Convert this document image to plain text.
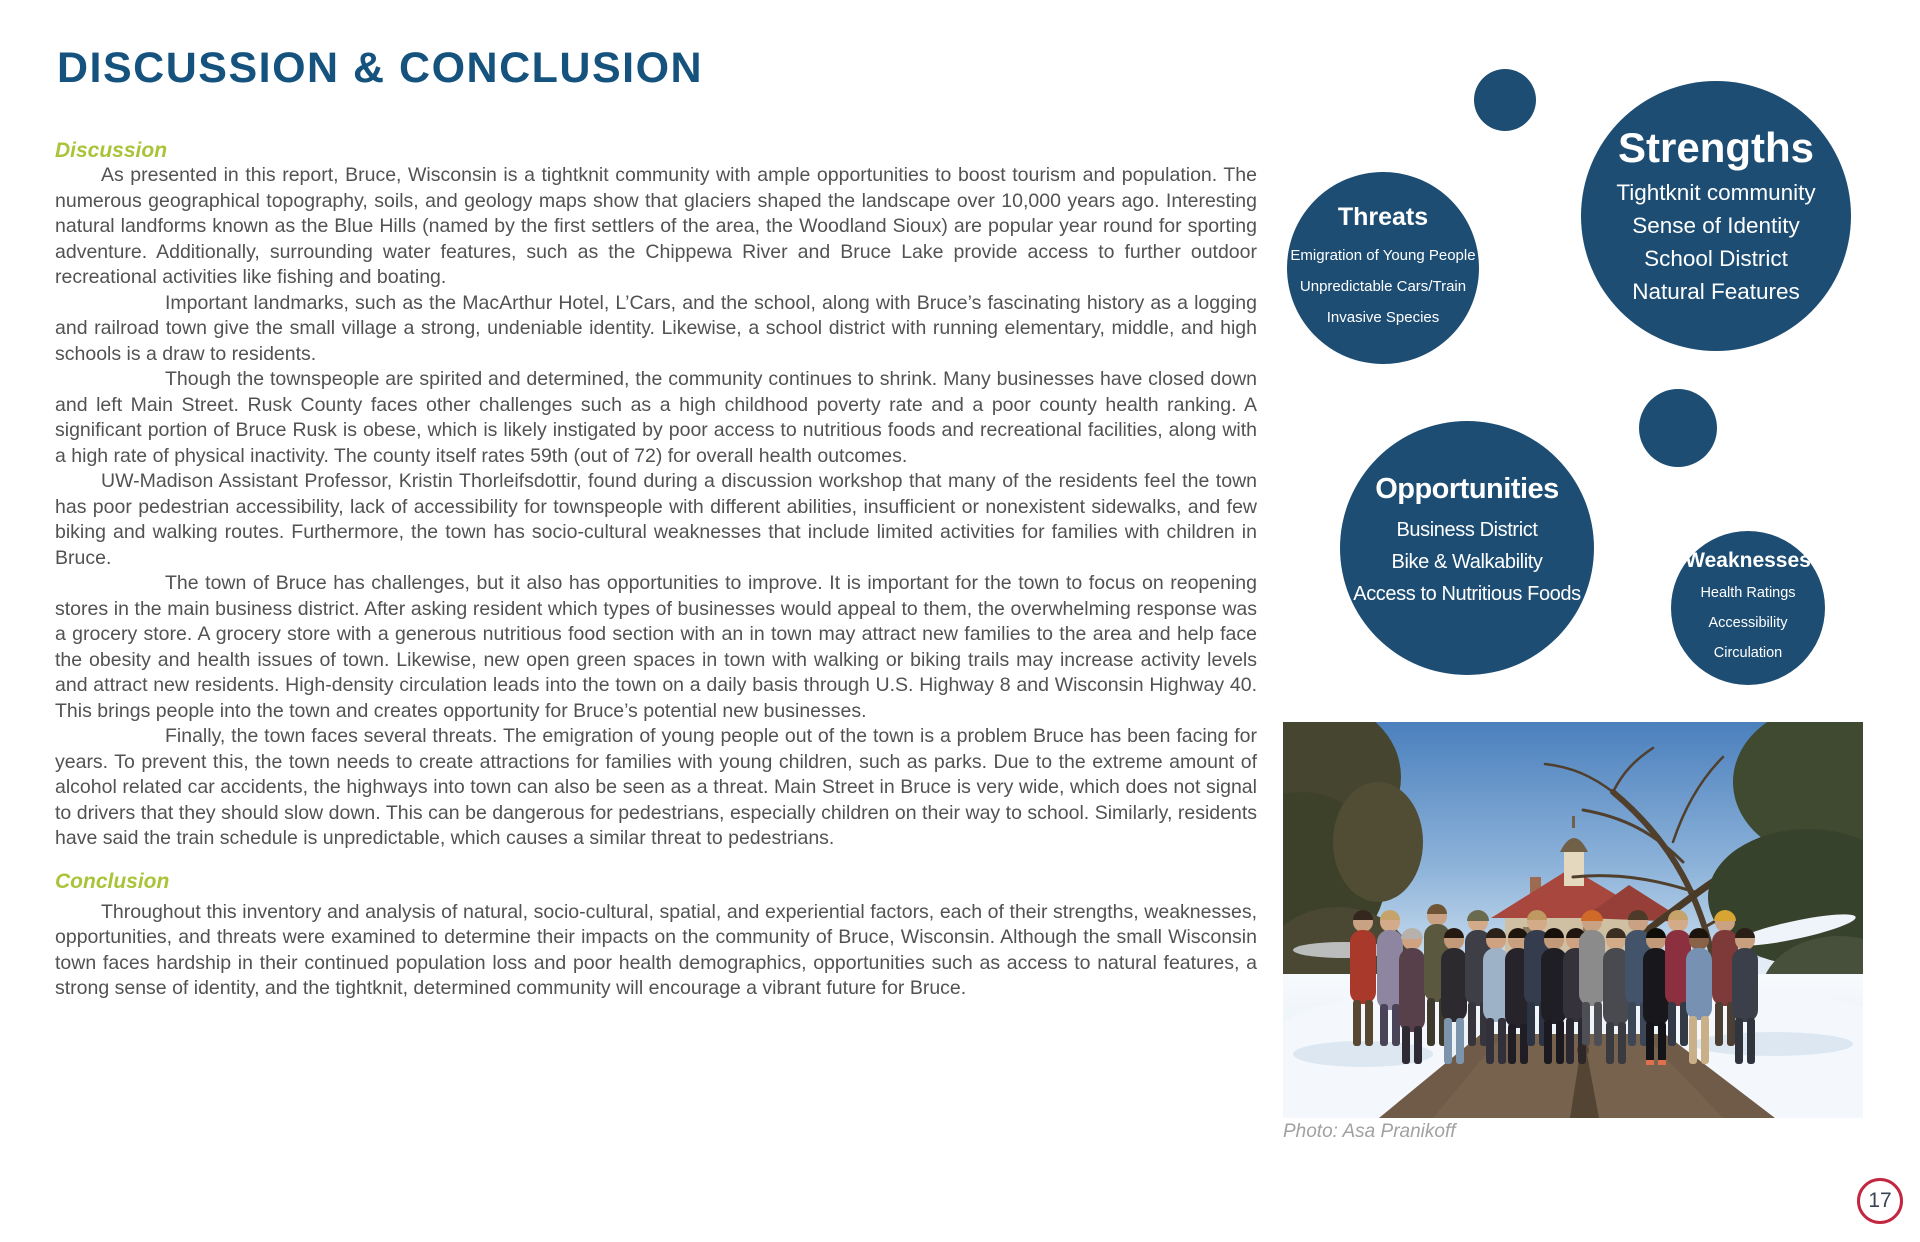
DISCUSSION & CONCLUSION

Discussion

As presented in this report, Bruce, Wisconsin is a tightknit community with ample opportunities to boost tourism and population. The numerous geographical topography, soils, and geology maps show that glaciers shaped the landscape over 10,000 years ago. Interesting natural landforms known as the Blue Hills (named by the first settlers of the area, the Woodland Sioux) are popular year round for sporting adventure. Additionally, surrounding water features, such as the Chippewa River and Bruce Lake provide access to further outdoor recreational activities like fishing and boating.

Important landmarks, such as the MacArthur Hotel, L’Cars, and the school, along with Bruce’s fascinating history as a logging and railroad town give the small village a strong, undeniable identity. Likewise, a school district with running elementary, middle, and high schools is a draw to residents.

Though the townspeople are spirited and determined, the community continues to shrink. Many businesses have closed down and left Main Street. Rusk County faces other challenges such as a high childhood poverty rate and a poor county health ranking. A significant portion of Bruce Rusk is obese, which is likely instigated by poor access to nutritious foods and recreational facilities, along with a high rate of physical inactivity. The county itself rates 59th (out of 72) for overall health outcomes.

UW-Madison Assistant Professor, Kristin Thorleifsdottir, found during a discussion workshop that many of the residents feel the town has poor pedestrian accessibility, lack of accessibility for townspeople with different abilities, insufficient or nonexistent sidewalks, and few biking and walking routes. Furthermore, the town has socio-cultural weaknesses that include limited activities for families with children in Bruce.

The town of Bruce has challenges, but it also has opportunities to improve. It is important for the town to focus on reopening stores in the main business district. After asking resident which types of businesses would appeal to them, the overwhelming response was a grocery store. A grocery store with a generous nutritious food section with an in town may attract new families to the area and help face the obesity and health issues of town. Likewise, new open green spaces in town with walking or biking trails may increase activity levels and attract new residents. High-density circulation leads into the town on a daily basis through U.S. Highway 8 and Wisconsin Highway 40. This brings people into the town and creates opportunity for Bruce’s potential new businesses.

Finally, the town faces several threats. The emigration of young people out of the town is a problem Bruce has been facing for years. To prevent this, the town needs to create attractions for families with young children, such as parks. Due to the extreme amount of alcohol related car accidents, the highways into town can also be seen as a threat. Main Street in Bruce is very wide, which does not signal to drivers that they should slow down. This can be dangerous for pedestrians, especially children on their way to school. Similarly, residents have said the train schedule is unpredictable, which causes a similar threat to pedestrians.

Conclusion

Throughout this inventory and analysis of natural, socio-cultural, spatial, and experiential factors, each of their strengths, weaknesses, opportunities, and threats were examined to determine their impacts on the community of Bruce, Wisconsin. Although the small Wisconsin town faces hardship in their continued population loss and poor health demographics, opportunities such as access to natural features, a strong sense of identity, and the tightknit, determined community will encourage a vibrant future for Bruce.

Strengths
Tightknit community
Sense of Identity
School District
Natural Features
Threats
Emigration of Young People
Unpredictable Cars/Train
Invasive Species
Opportunities
Business District
Bike & Walkability
Access to Nutritious Foods
Weaknesses
Health Ratings
Accessibility
Circulation
Photo: Asa Pranikoff
17
